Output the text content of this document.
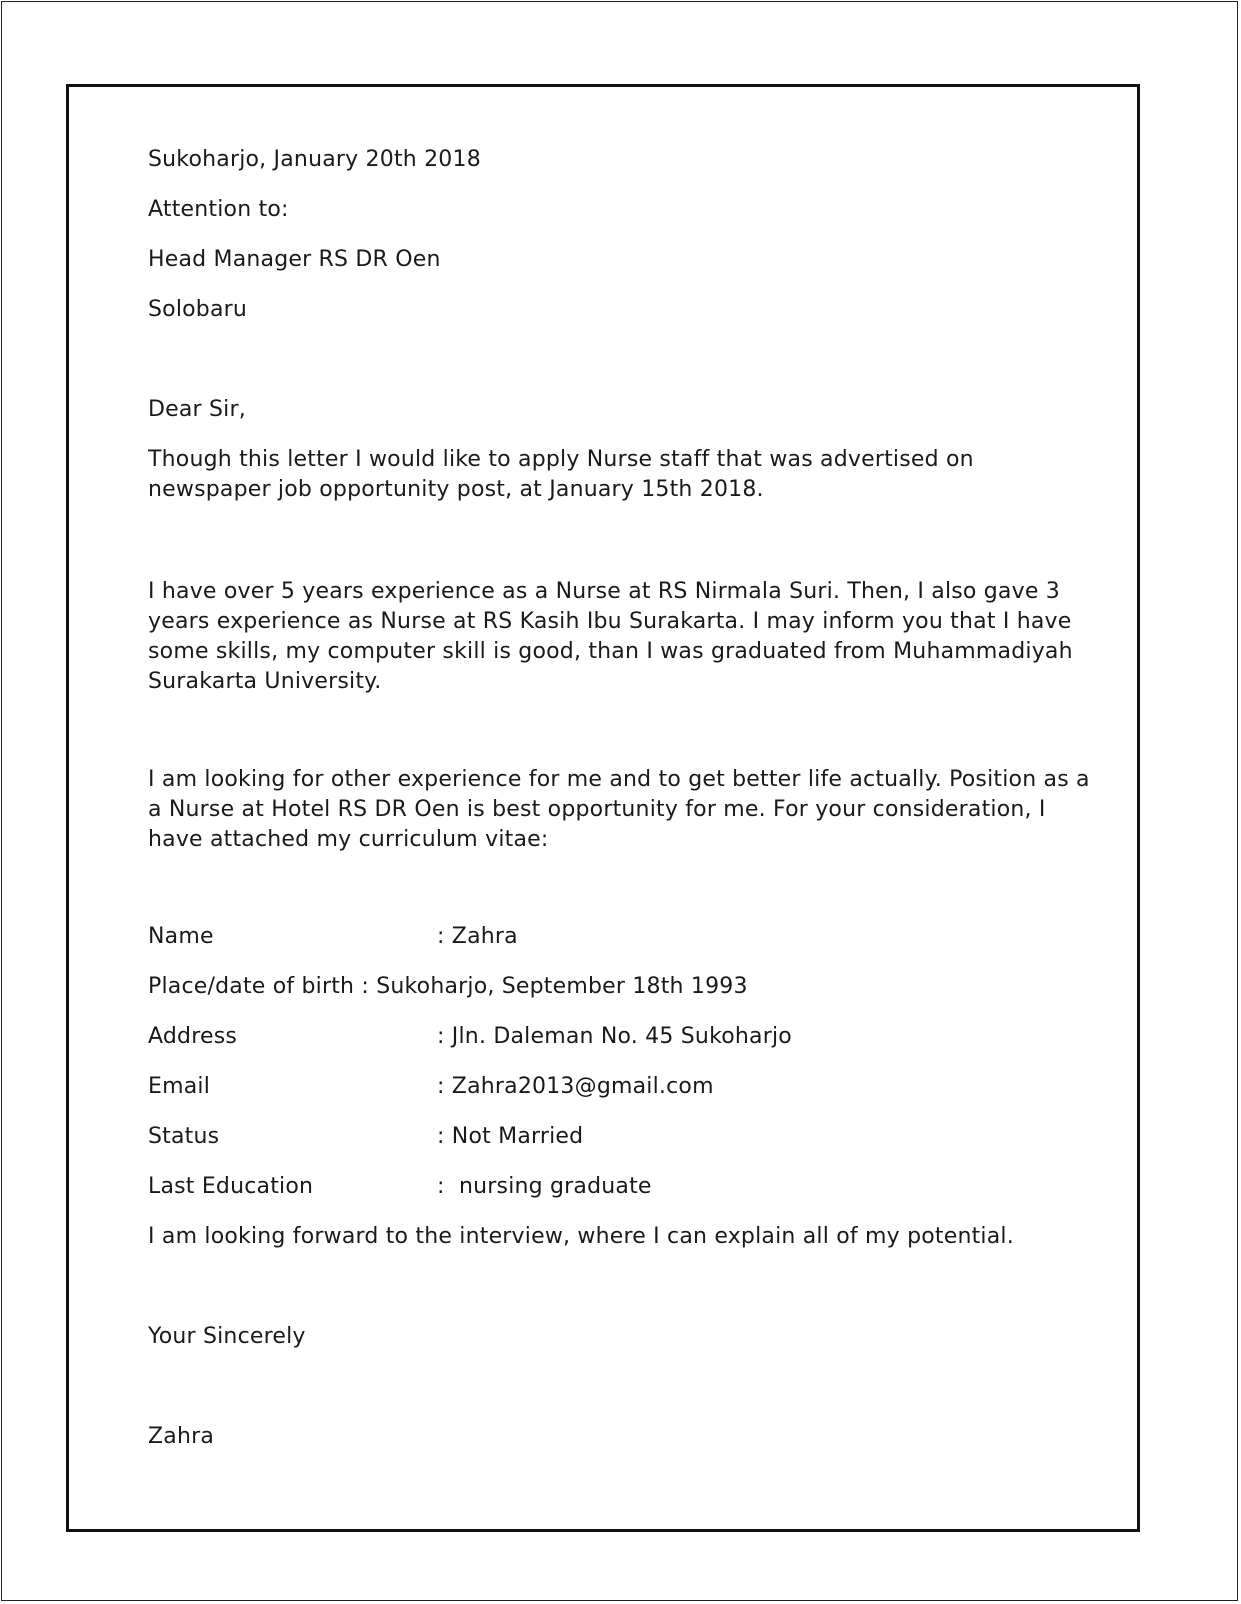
Sukoharjo, January 20th 2018
Attention to:
Head Manager RS DR Oen
Solobaru
Dear Sir,
Though this letter I would like to apply Nurse staff that was advertised on
newspaper job opportunity post, at January 15th 2018.
I have over 5 years experience as a Nurse at RS Nirmala Suri. Then, I also gave 3
years experience as Nurse at RS Kasih Ibu Surakarta. I may inform you that I have
some skills, my computer skill is good, than I was graduated from Muhammadiyah
Surakarta University.
I am looking for other experience for me and to get better life actually. Position as a
a Nurse at Hotel RS DR Oen is best opportunity for me. For your consideration, I
have attached my curriculum vitae:
Name	: Zahra
Place/date of birth : Sukoharjo, September 18th 1993
Address	: Jln. Daleman No. 45 Sukoharjo
Email	: Zahra2013@gmail.com
Status	: Not Married
Last Education	:  nursing graduate
I am looking forward to the interview, where I can explain all of my potential.
Your Sincerely
Zahra
